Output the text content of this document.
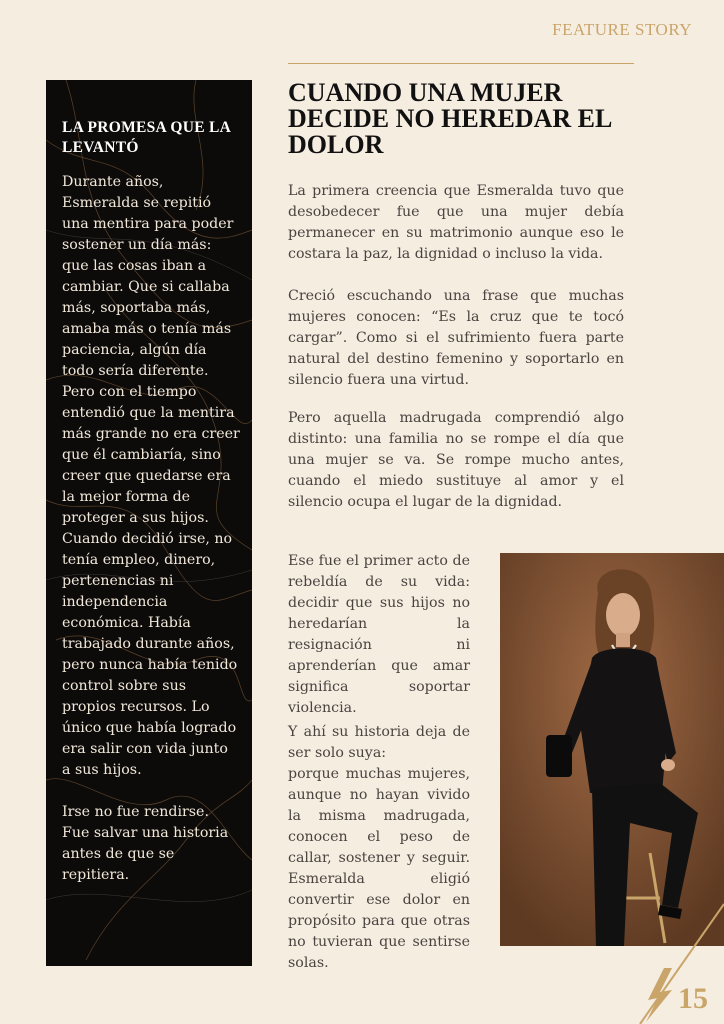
FEATURE STORY
LA PROMESA QUE LA LEVANTÓ

Durante años, Esmeralda se repitió una mentira para poder sostener un día más: que las cosas iban a cambiar. Que si callaba más, soportaba más, amaba más o tenía más paciencia, algún día todo sería diferente.
Pero con el tiempo entendió que la mentira más grande no era creer que él cambiaría, sino creer que quedarse era la mejor forma de proteger a sus hijos.
Cuando decidió irse, no tenía empleo, dinero, pertenencias ni independencia económica. Había trabajado durante años, pero nunca había tenido control sobre sus propios recursos. Lo único que había logrado era salir con vida junto a sus hijos.

Irse no fue rendirse.
Fue salvar una historia antes de que se repitiera.

CUANDO UNA MUJER DECIDE NO HEREDAR EL DOLOR

La primera creencia que Esmeralda tuvo que desobedecer fue que una mujer debía permanecer en su matrimonio aunque eso le costara la paz, la dignidad o incluso la vida.

Creció escuchando una frase que muchas mujeres conocen: “Es la cruz que te tocó cargar”. Como si el sufrimiento fuera parte natural del destino femenino y soportarlo en silencio fuera una virtud.

Pero aquella madrugada comprendió algo distinto: una familia no se rompe el día que una mujer se va. Se rompe mucho antes, cuando el miedo sustituye al amor y el silencio ocupa el lugar de la dignidad.

Ese fue el primer acto de rebeldía de su vida: decidir que sus hijos no heredarían la resignación ni aprenderían que amar significa soportar violencia.

Y ahí su historia deja de ser solo suya:
porque muchas mujeres, aunque no hayan vivido la misma madrugada, conocen el peso de callar, sostener y seguir. Esmeralda eligió convertir ese dolor en propósito para que otras no tuvieran que sentirse solas.

15
